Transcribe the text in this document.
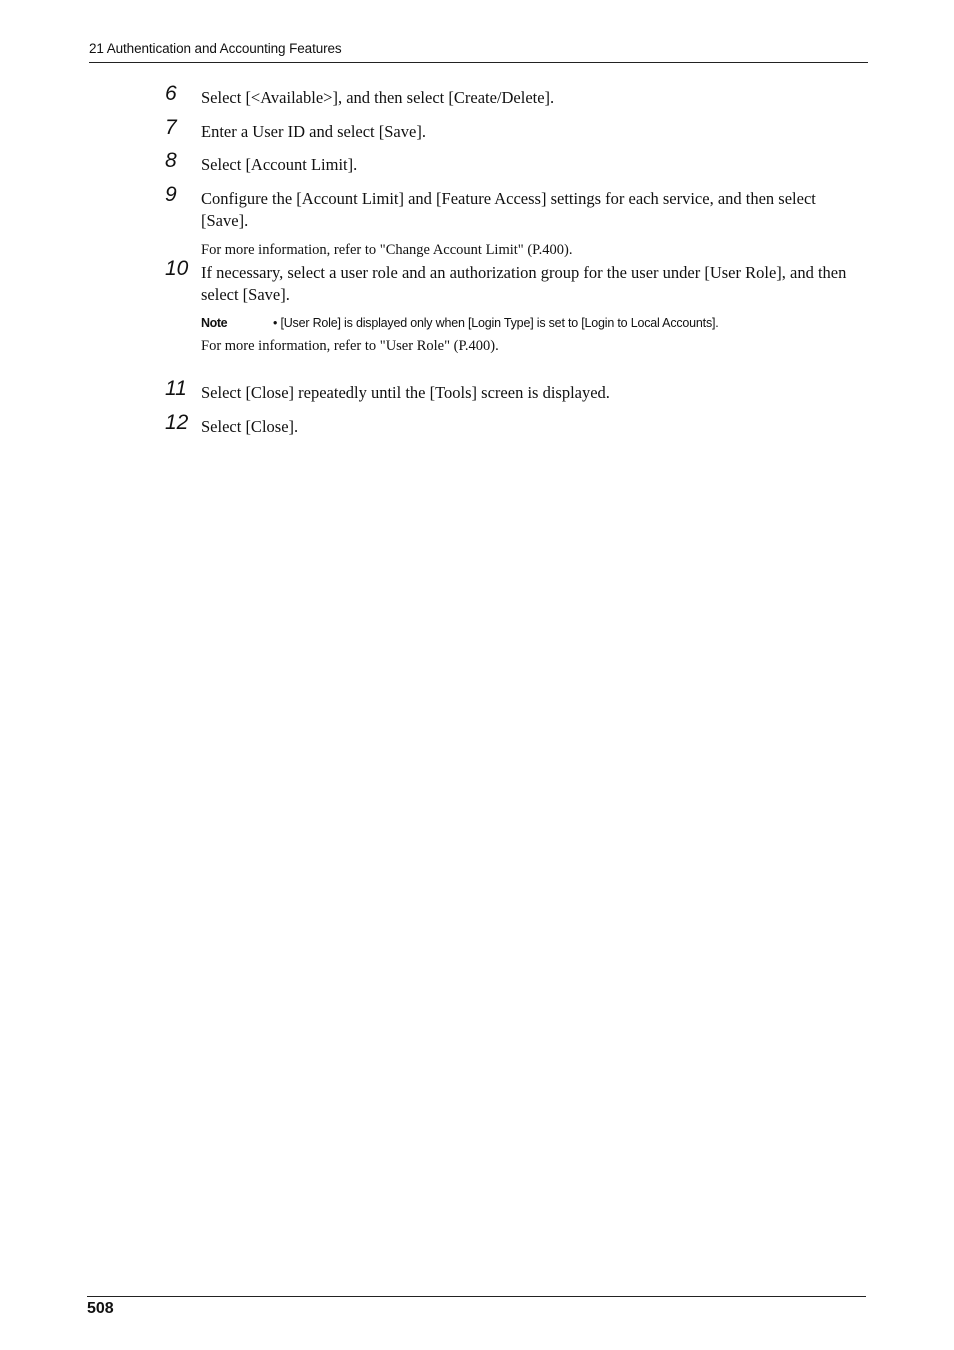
21 Authentication and Accounting Features
6	Select [<Available>], and then select [Create/Delete].
7	Enter a User ID and select [Save].
8	Select [Account Limit].
9	Configure the [Account Limit] and [Feature Access] settings for each service, and then select [Save].
For more information, refer to "Change Account Limit" (P.400).
10 If necessary, select a user role and an authorization group for the user under [User Role], and then select [Save].
Note	• [User Role] is displayed only when [Login Type] is set to [Login to Local Accounts].
For more information, refer to "User Role" (P.400).
11 Select [Close] repeatedly until the [Tools] screen is displayed.
12 Select [Close].
508
